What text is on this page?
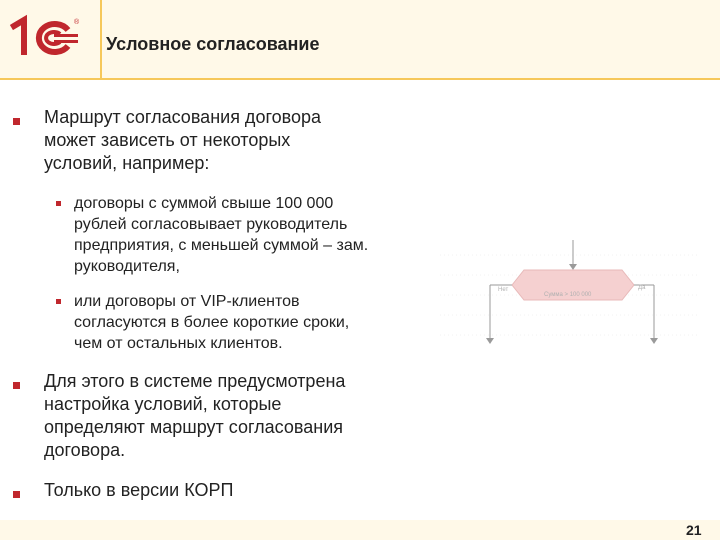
®
Условное согласование
Маршрут согласования договора
может зависеть от некоторых
условий, например:
договоры с суммой свыше 100 000
рублей согласовывает руководитель
предприятия, с меньшей суммой – зам.
руководителя,
или договоры от VIP-клиентов
согласуются в более короткие сроки,
чем от остальных клиентов.
Для этого в системе предусмотрена
настройка условий, которые
определяют маршрут согласования
договора.
Только в версии КОРП
Нет
Сумма > 100 000
Да
21
